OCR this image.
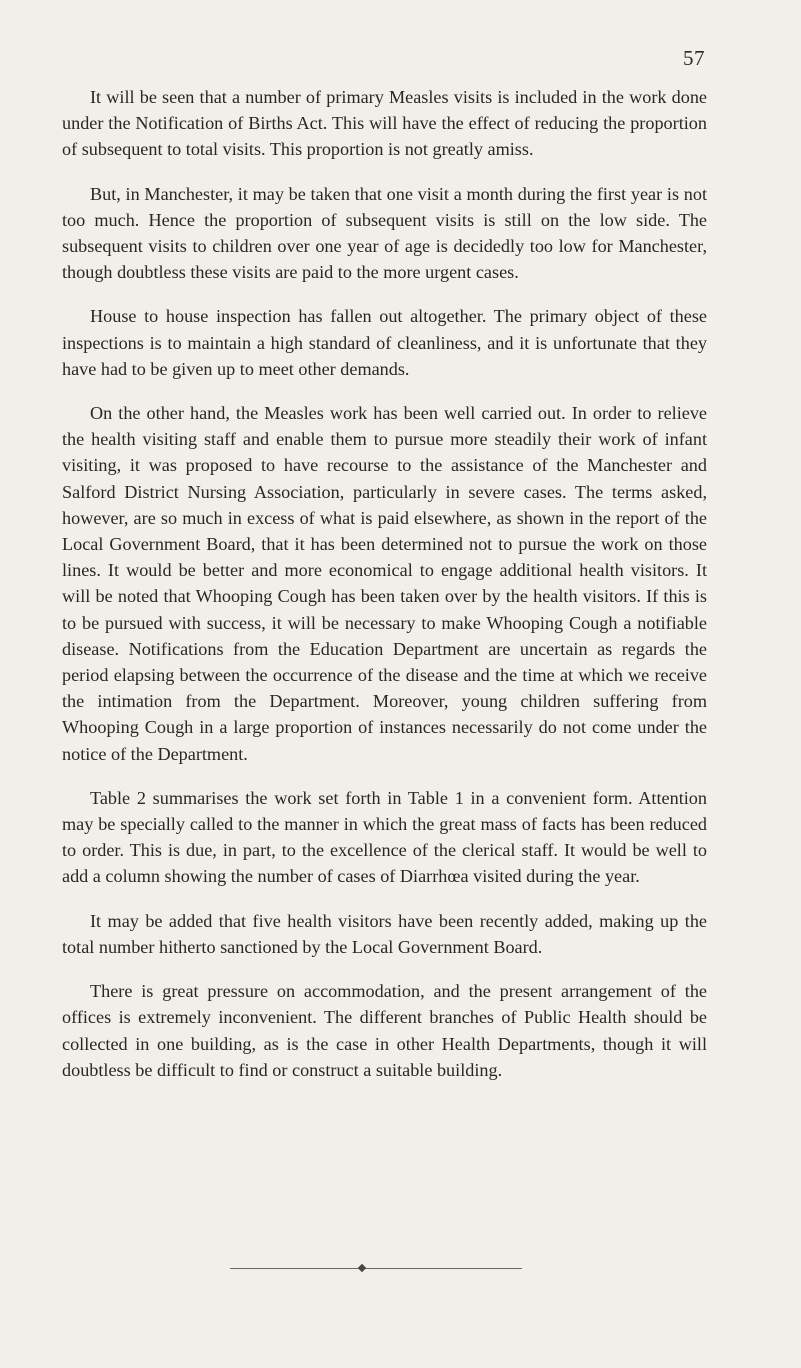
57

It will be seen that a number of primary Measles visits is included in the work done under the Notification of Births Act. This will have the effect of reducing the proportion of subsequent to total visits. This proportion is not greatly amiss.

But, in Manchester, it may be taken that one visit a month during the first year is not too much. Hence the proportion of subsequent visits is still on the low side. The subsequent visits to children over one year of age is decidedly too low for Manchester, though doubtless these visits are paid to the more urgent cases.

House to house inspection has fallen out altogether. The primary object of these inspections is to maintain a high standard of cleanliness, and it is unfortunate that they have had to be given up to meet other demands.

On the other hand, the Measles work has been well carried out. In order to relieve the health visiting staff and enable them to pursue more steadily their work of infant visiting, it was proposed to have recourse to the assistance of the Manchester and Salford District Nursing Association, particularly in severe cases. The terms asked, however, are so much in excess of what is paid elsewhere, as shown in the report of the Local Government Board, that it has been determined not to pursue the work on those lines. It would be better and more economical to engage additional health visitors. It will be noted that Whooping Cough has been taken over by the health visitors. If this is to be pursued with success, it will be necessary to make Whooping Cough a notifiable disease. Notifications from the Education Department are uncertain as regards the period elapsing between the occurrence of the disease and the time at which we receive the intimation from the Department. Moreover, young children suffering from Whooping Cough in a large proportion of instances necessarily do not come under the notice of the Department.

Table 2 summarises the work set forth in Table 1 in a convenient form. Attention may be specially called to the manner in which the great mass of facts has been reduced to order. This is due, in part, to the excellence of the clerical staff. It would be well to add a column showing the number of cases of Diarrhœa visited during the year.

It may be added that five health visitors have been recently added, making up the total number hitherto sanctioned by the Local Government Board.

There is great pressure on accommodation, and the present arrangement of the offices is extremely inconvenient. The different branches of Public Health should be collected in one building, as is the case in other Health Departments, though it will doubtless be difficult to find or construct a suitable building.
